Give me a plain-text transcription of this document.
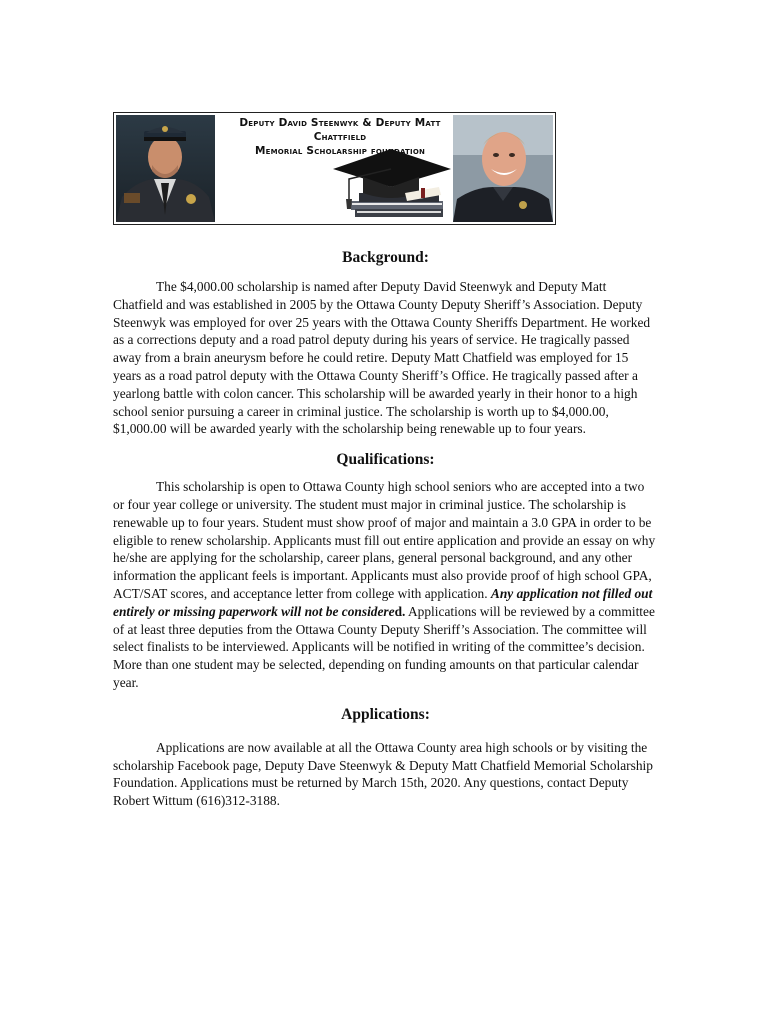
Deputy David Steenwyk & Deputy Matt Chattfield
Memorial Scholarship foundation
Background:

The $4,000.00 scholarship is named after Deputy David Steenwyk and Deputy Matt Chatfield and was established in 2005 by the Ottawa County Deputy Sheriff’s Association. Deputy Steenwyk was employed for over 25 years with the Ottawa County Sheriffs Department. He worked as a corrections deputy and a road patrol deputy during his years of service. He tragically passed away from a brain aneurysm before he could retire. Deputy Matt Chatfield was employed for 15 years as a road patrol deputy with the Ottawa County Sheriff’s Office. He tragically passed after a yearlong battle with colon cancer. This scholarship will be awarded yearly in their honor to a high school senior pursuing a career in criminal justice. The scholarship is worth up to $4,000.00, $1,000.00 will be awarded yearly with the scholarship being renewable up to four years.

Qualifications:

This scholarship is open to Ottawa County high school seniors who are accepted into a two or four year college or university. The student must major in criminal justice. The scholarship is renewable up to four years. Student must show proof of major and maintain a 3.0 GPA in order to be eligible to renew scholarship. Applicants must fill out entire application and provide an essay on why he/she are applying for the scholarship, career plans, general personal background, and any other information the applicant feels is important. Applicants must also provide proof of high school GPA, ACT/SAT scores, and acceptance letter from college with application. Any application not filled out entirely or missing paperwork will not be considered. Applications will be reviewed by a committee of at least three deputies from the Ottawa County Deputy Sheriff’s Association. The committee will select finalists to be interviewed. Applicants will be notified in writing of the committee’s decision. More than one student may be selected, depending on funding amounts on that particular calendar year.

Applications:

Applications are now available at all the Ottawa County area high schools or by visiting the scholarship Facebook page, Deputy Dave Steenwyk & Deputy Matt Chatfield Memorial Scholarship Foundation. Applications must be returned by March 15th, 2020. Any questions, contact Deputy Robert Wittum (616)312-3188.
